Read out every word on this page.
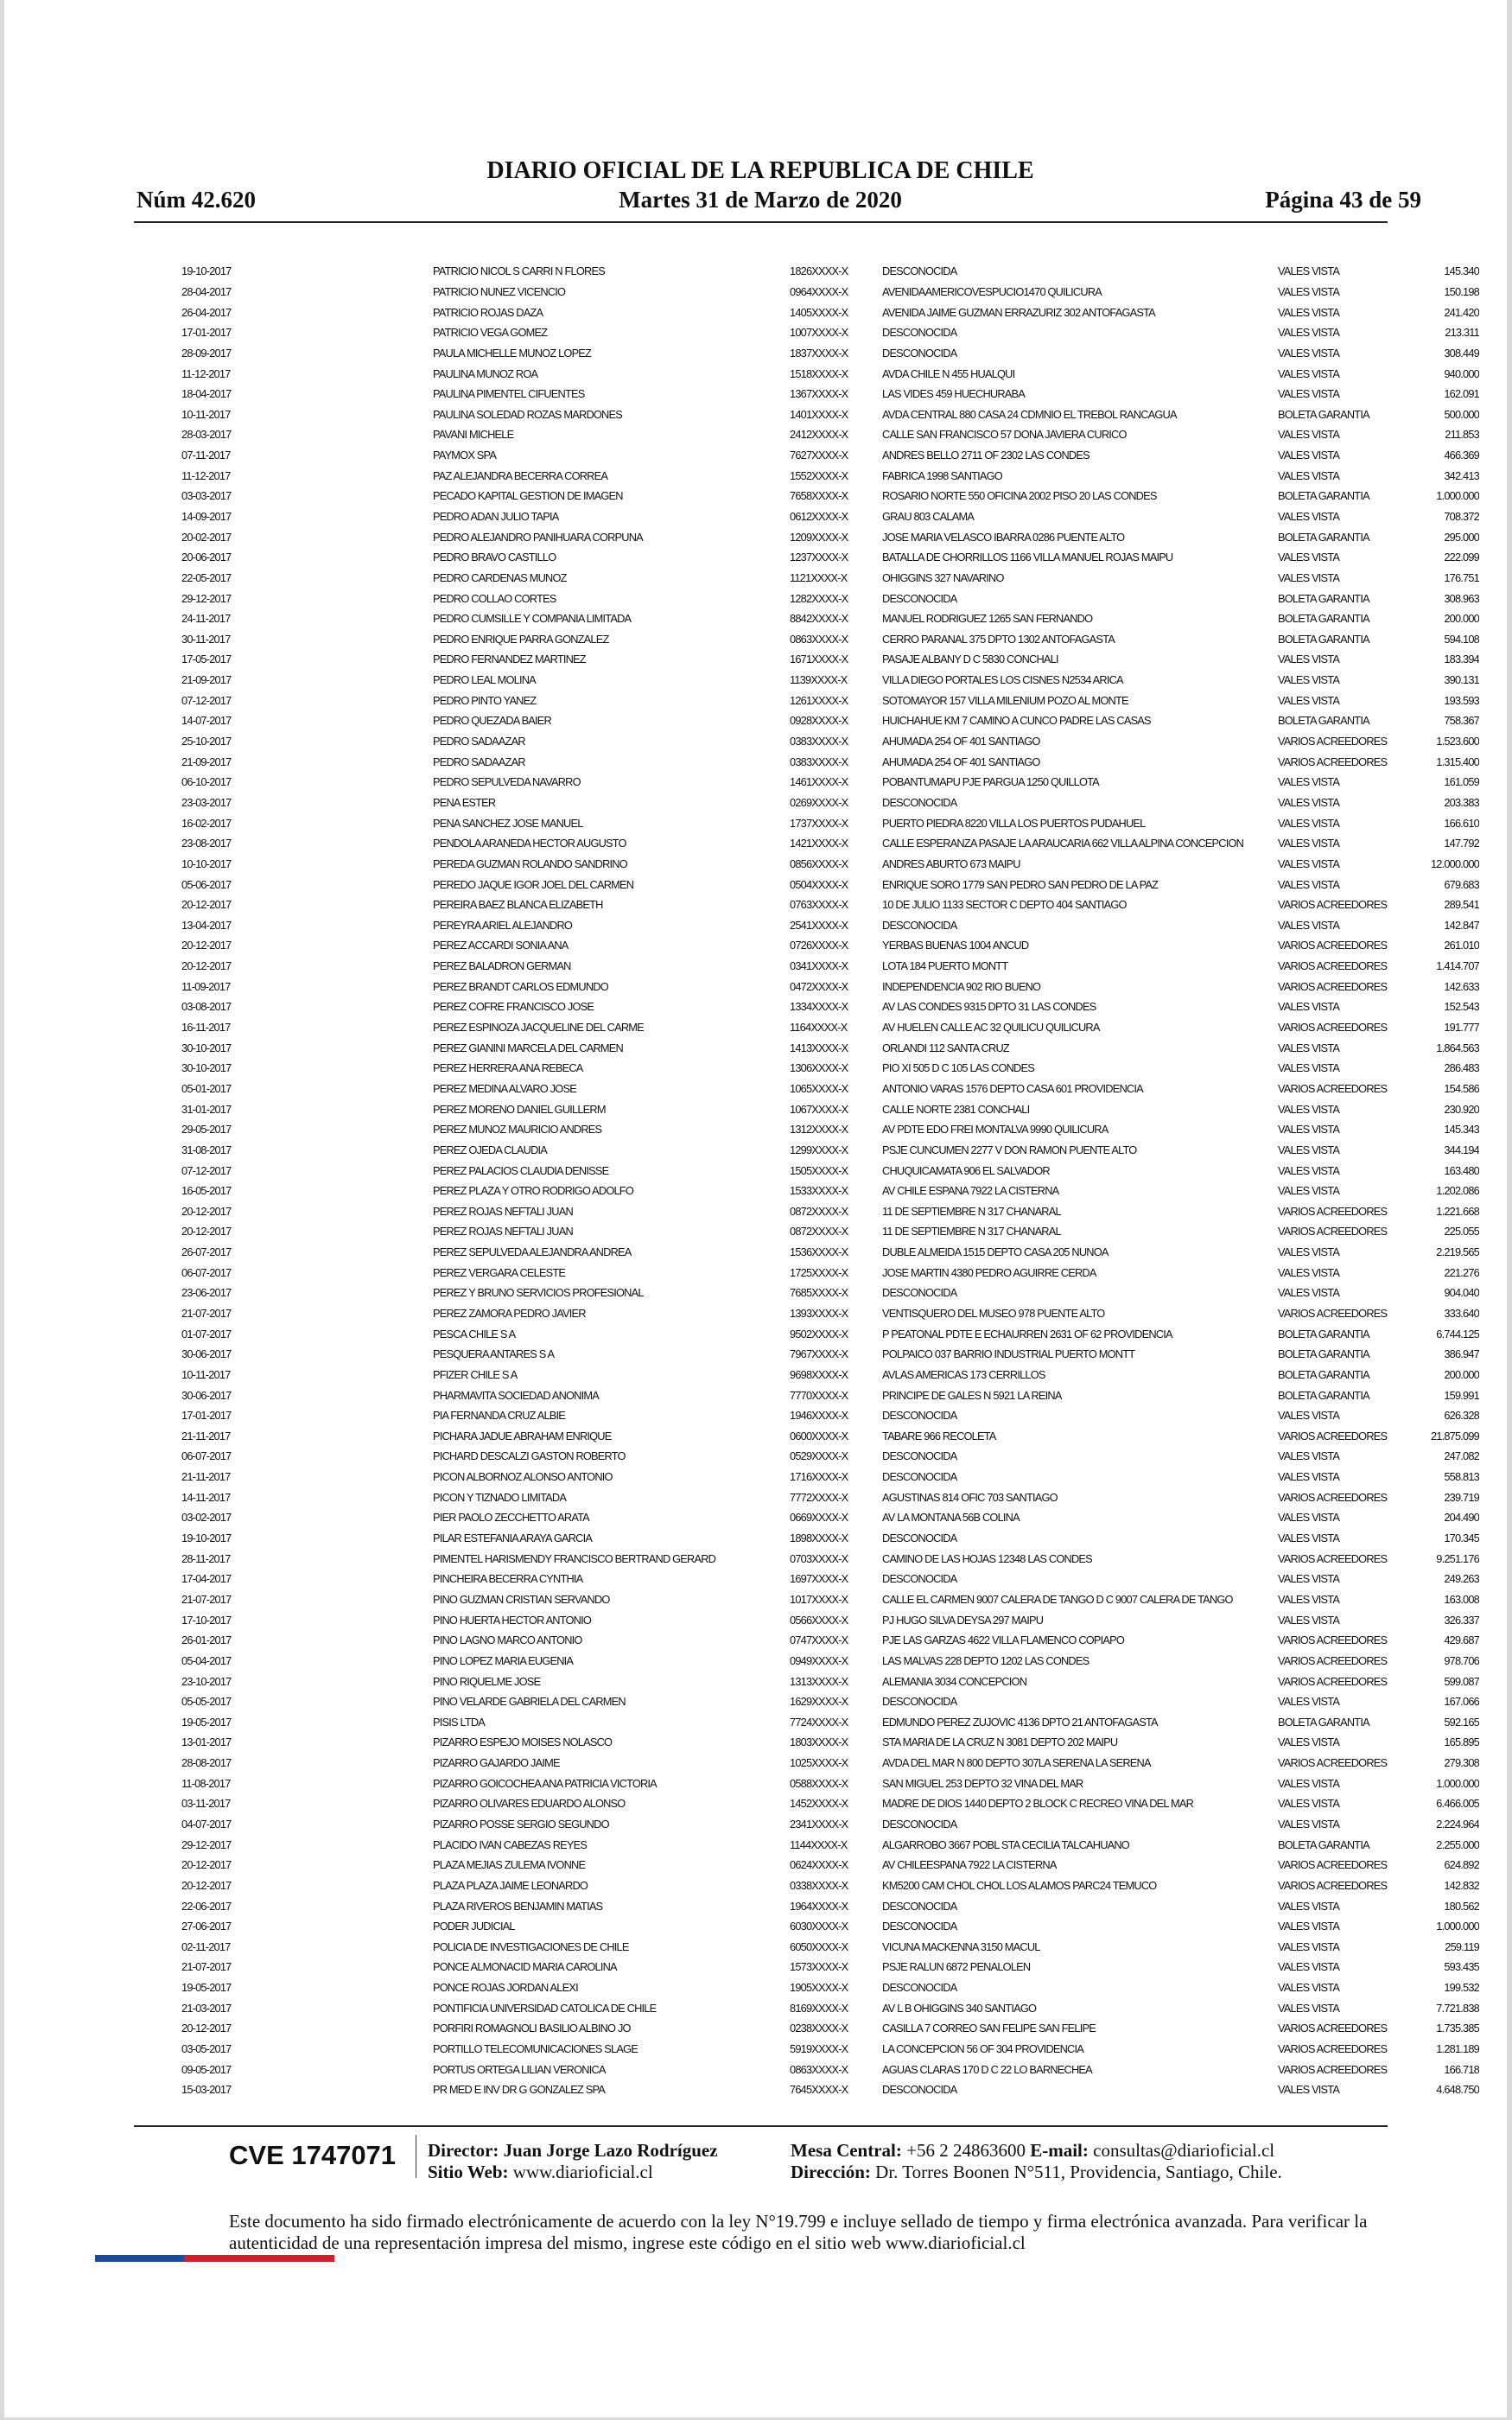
DIARIO OFICIAL DE LA REPUBLICA DE CHILE
Núm 42.620	Martes 31 de Marzo de 2020	Página 43 de 59
19-10-2017	PATRICIO NICOL S CARRI N FLORES	1826XXXX-X	DESCONOCIDA	VALES VISTA	145.340
28-04-2017	PATRICIO NUNEZ VICENCIO	0964XXXX-X	AVENIDAAMERICOVESPUCIO1470 QUILICURA	VALES VISTA	150.198
26-04-2017	PATRICIO ROJAS DAZA	1405XXXX-X	AVENIDA JAIME GUZMAN ERRAZURIZ 302 ANTOFAGASTA	VALES VISTA	241.420
17-01-2017	PATRICIO VEGA GOMEZ	1007XXXX-X	DESCONOCIDA	VALES VISTA	213.311
28-09-2017	PAULA MICHELLE MUNOZ LOPEZ	1837XXXX-X	DESCONOCIDA	VALES VISTA	308.449
11-12-2017	PAULINA MUNOZ ROA	1518XXXX-X	AVDA CHILE N 455 HUALQUI	VALES VISTA	940.000
18-04-2017	PAULINA PIMENTEL CIFUENTES	1367XXXX-X	LAS VIDES 459 HUECHURABA	VALES VISTA	162.091
10-11-2017	PAULINA SOLEDAD ROZAS MARDONES	1401XXXX-X	AVDA CENTRAL 880 CASA 24 CDMNIO EL TREBOL RANCAGUA	BOLETA GARANTIA	500.000
28-03-2017	PAVANI MICHELE	2412XXXX-X	CALLE SAN FRANCISCO 57 DONA JAVIERA CURICO	VALES VISTA	211.853
07-11-2017	PAYMOX SPA	7627XXXX-X	ANDRES BELLO 2711 OF 2302 LAS CONDES	VALES VISTA	466.369
11-12-2017	PAZ ALEJANDRA BECERRA CORREA	1552XXXX-X	FABRICA 1998 SANTIAGO	VALES VISTA	342.413
03-03-2017	PECADO KAPITAL GESTION DE IMAGEN	7658XXXX-X	ROSARIO NORTE 550 OFICINA 2002 PISO 20 LAS CONDES	BOLETA GARANTIA	1.000.000
14-09-2017	PEDRO ADAN JULIO TAPIA	0612XXXX-X	GRAU 803 CALAMA	VALES VISTA	708.372
20-02-2017	PEDRO ALEJANDRO PANIHUARA CORPUNA	1209XXXX-X	JOSE MARIA VELASCO IBARRA 0286 PUENTE ALTO	BOLETA GARANTIA	295.000
20-06-2017	PEDRO BRAVO CASTILLO	1237XXXX-X	BATALLA DE CHORRILLOS 1166 VILLA MANUEL ROJAS MAIPU	VALES VISTA	222.099
22-05-2017	PEDRO CARDENAS MUNOZ	1121XXXX-X	OHIGGINS 327 NAVARINO	VALES VISTA	176.751
29-12-2017	PEDRO COLLAO CORTES	1282XXXX-X	DESCONOCIDA	BOLETA GARANTIA	308.963
24-11-2017	PEDRO CUMSILLE Y COMPANIA LIMITADA	8842XXXX-X	MANUEL RODRIGUEZ 1265 SAN FERNANDO	BOLETA GARANTIA	200.000
30-11-2017	PEDRO ENRIQUE PARRA GONZALEZ	0863XXXX-X	CERRO PARANAL 375 DPTO 1302 ANTOFAGASTA	BOLETA GARANTIA	594.108
17-05-2017	PEDRO FERNANDEZ MARTINEZ	1671XXXX-X	PASAJE ALBANY D C 5830 CONCHALI	VALES VISTA	183.394
21-09-2017	PEDRO LEAL MOLINA	1139XXXX-X	VILLA DIEGO PORTALES LOS CISNES N2534 ARICA	VALES VISTA	390.131
07-12-2017	PEDRO PINTO YANEZ	1261XXXX-X	SOTOMAYOR 157 VILLA MILENIUM POZO AL MONTE	VALES VISTA	193.593
14-07-2017	PEDRO QUEZADA BAIER	0928XXXX-X	HUICHAHUE KM 7 CAMINO A CUNCO PADRE LAS CASAS	BOLETA GARANTIA	758.367
25-10-2017	PEDRO SADAAZAR	0383XXXX-X	AHUMADA 254 OF 401 SANTIAGO	VARIOS ACREEDORES	1.523.600
21-09-2017	PEDRO SADAAZAR	0383XXXX-X	AHUMADA 254 OF 401 SANTIAGO	VARIOS ACREEDORES	1.315.400
06-10-2017	PEDRO SEPULVEDA NAVARRO	1461XXXX-X	POBANTUMAPU PJE PARGUA 1250 QUILLOTA	VALES VISTA	161.059
23-03-2017	PENA ESTER	0269XXXX-X	DESCONOCIDA	VALES VISTA	203.383
16-02-2017	PENA SANCHEZ JOSE MANUEL	1737XXXX-X	PUERTO PIEDRA 8220 VILLA LOS PUERTOS PUDAHUEL	VALES VISTA	166.610
23-08-2017	PENDOLA ARANEDA HECTOR AUGUSTO	1421XXXX-X	CALLE ESPERANZA PASAJE LA ARAUCARIA 662 VILLA ALPINA CONCEPCION	VALES VISTA	147.792
10-10-2017	PEREDA GUZMAN ROLANDO SANDRINO	0856XXXX-X	ANDRES ABURTO 673 MAIPU	VALES VISTA	12.000.000
05-06-2017	PEREDO JAQUE IGOR JOEL DEL CARMEN	0504XXXX-X	ENRIQUE SORO 1779 SAN PEDRO SAN PEDRO DE LA PAZ	VALES VISTA	679.683
20-12-2017	PEREIRA BAEZ BLANCA ELIZABETH	0763XXXX-X	10 DE JULIO 1133 SECTOR C DEPTO 404 SANTIAGO	VARIOS ACREEDORES	289.541
13-04-2017	PEREYRA ARIEL ALEJANDRO	2541XXXX-X	DESCONOCIDA	VALES VISTA	142.847
20-12-2017	PEREZ ACCARDI SONIA ANA	0726XXXX-X	YERBAS BUENAS 1004 ANCUD	VARIOS ACREEDORES	261.010
20-12-2017	PEREZ BALADRON GERMAN	0341XXXX-X	LOTA 184 PUERTO MONTT	VARIOS ACREEDORES	1.414.707
11-09-2017	PEREZ BRANDT CARLOS EDMUNDO	0472XXXX-X	INDEPENDENCIA 902 RIO BUENO	VARIOS ACREEDORES	142.633
03-08-2017	PEREZ COFRE FRANCISCO JOSE	1334XXXX-X	AV LAS CONDES 9315 DPTO 31 LAS CONDES	VALES VISTA	152.543
16-11-2017	PEREZ ESPINOZA JACQUELINE DEL CARME	1164XXXX-X	AV HUELEN CALLE AC 32 QUILICU QUILICURA	VARIOS ACREEDORES	191.777
30-10-2017	PEREZ GIANINI MARCELA DEL CARMEN	1413XXXX-X	ORLANDI 112 SANTA CRUZ	VALES VISTA	1.864.563
30-10-2017	PEREZ HERRERA ANA REBECA	1306XXXX-X	PIO XI 505 D C 105 LAS CONDES	VALES VISTA	286.483
05-01-2017	PEREZ MEDINA ALVARO JOSE	1065XXXX-X	ANTONIO VARAS 1576 DEPTO CASA 601 PROVIDENCIA	VARIOS ACREEDORES	154.586
31-01-2017	PEREZ MORENO DANIEL GUILLERM	1067XXXX-X	CALLE NORTE 2381 CONCHALI	VALES VISTA	230.920
29-05-2017	PEREZ MUNOZ MAURICIO ANDRES	1312XXXX-X	AV PDTE EDO FREI MONTALVA 9990 QUILICURA	VALES VISTA	145.343
31-08-2017	PEREZ OJEDA CLAUDIA	1299XXXX-X	PSJE CUNCUMEN 2277 V DON RAMON PUENTE ALTO	VALES VISTA	344.194
07-12-2017	PEREZ PALACIOS CLAUDIA DENISSE	1505XXXX-X	CHUQUICAMATA 906 EL SALVADOR	VALES VISTA	163.480
16-05-2017	PEREZ PLAZA Y OTRO RODRIGO ADOLFO	1533XXXX-X	AV CHILE ESPANA 7922 LA CISTERNA	VALES VISTA	1.202.086
20-12-2017	PEREZ ROJAS NEFTALI JUAN	0872XXXX-X	11 DE SEPTIEMBRE N 317 CHANARAL	VARIOS ACREEDORES	1.221.668
20-12-2017	PEREZ ROJAS NEFTALI JUAN	0872XXXX-X	11 DE SEPTIEMBRE N 317 CHANARAL	VARIOS ACREEDORES	225.055
26-07-2017	PEREZ SEPULVEDA ALEJANDRA ANDREA	1536XXXX-X	DUBLE ALMEIDA 1515 DEPTO CASA 205 NUNOA	VALES VISTA	2.219.565
06-07-2017	PEREZ VERGARA CELESTE	1725XXXX-X	JOSE MARTIN 4380 PEDRO AGUIRRE CERDA	VALES VISTA	221.276
23-06-2017	PEREZ Y BRUNO SERVICIOS PROFESIONAL	7685XXXX-X	DESCONOCIDA	VALES VISTA	904.040
21-07-2017	PEREZ ZAMORA PEDRO JAVIER	1393XXXX-X	VENTISQUERO DEL MUSEO 978 PUENTE ALTO	VARIOS ACREEDORES	333.640
01-07-2017	PESCA CHILE S A	9502XXXX-X	P PEATONAL PDTE E ECHAURREN 2631 OF 62 PROVIDENCIA	BOLETA GARANTIA	6.744.125
30-06-2017	PESQUERA ANTARES S A	7967XXXX-X	POLPAICO 037 BARRIO INDUSTRIAL PUERTO MONTT	BOLETA GARANTIA	386.947
10-11-2017	PFIZER CHILE S A	9698XXXX-X	AVLAS AMERICAS 173 CERRILLOS	BOLETA GARANTIA	200.000
30-06-2017	PHARMAVITA SOCIEDAD ANONIMA	7770XXXX-X	PRINCIPE DE GALES N 5921 LA REINA	BOLETA GARANTIA	159.991
17-01-2017	PIA FERNANDA CRUZ ALBIE	1946XXXX-X	DESCONOCIDA	VALES VISTA	626.328
21-11-2017	PICHARA JADUE ABRAHAM ENRIQUE	0600XXXX-X	TABARE 966 RECOLETA	VARIOS ACREEDORES	21.875.099
06-07-2017	PICHARD DESCALZI GASTON ROBERTO	0529XXXX-X	DESCONOCIDA	VALES VISTA	247.082
21-11-2017	PICON ALBORNOZ ALONSO ANTONIO	1716XXXX-X	DESCONOCIDA	VALES VISTA	558.813
14-11-2017	PICON Y TIZNADO LIMITADA	7772XXXX-X	AGUSTINAS 814 OFIC 703 SANTIAGO	VARIOS ACREEDORES	239.719
03-02-2017	PIER PAOLO ZECCHETTO ARATA	0669XXXX-X	AV LA MONTANA 56B COLINA	VALES VISTA	204.490
19-10-2017	PILAR ESTEFANIA ARAYA GARCIA	1898XXXX-X	DESCONOCIDA	VALES VISTA	170.345
28-11-2017	PIMENTEL HARISMENDY FRANCISCO BERTRAND GERARD	0703XXXX-X	CAMINO DE LAS HOJAS 12348 LAS CONDES	VARIOS ACREEDORES	9.251.176
17-04-2017	PINCHEIRA BECERRA CYNTHIA	1697XXXX-X	DESCONOCIDA	VALES VISTA	249.263
21-07-2017	PINO GUZMAN CRISTIAN SERVANDO	1017XXXX-X	CALLE EL CARMEN 9007 CALERA DE TANGO D C 9007 CALERA DE TANGO	VALES VISTA	163.008
17-10-2017	PINO HUERTA HECTOR ANTONIO	0566XXXX-X	PJ HUGO SILVA DEYSA 297 MAIPU	VALES VISTA	326.337
26-01-2017	PINO LAGNO MARCO ANTONIO	0747XXXX-X	PJE LAS GARZAS 4622 VILLA FLAMENCO COPIAPO	VARIOS ACREEDORES	429.687
05-04-2017	PINO LOPEZ MARIA EUGENIA	0949XXXX-X	LAS MALVAS 228 DEPTO 1202 LAS CONDES	VARIOS ACREEDORES	978.706
23-10-2017	PINO RIQUELME JOSE	1313XXXX-X	ALEMANIA 3034 CONCEPCION	VARIOS ACREEDORES	599.087
05-05-2017	PINO VELARDE GABRIELA DEL CARMEN	1629XXXX-X	DESCONOCIDA	VALES VISTA	167.066
19-05-2017	PISIS LTDA	7724XXXX-X	EDMUNDO PEREZ ZUJOVIC 4136 DPTO 21 ANTOFAGASTA	BOLETA GARANTIA	592.165
13-01-2017	PIZARRO ESPEJO MOISES NOLASCO	1803XXXX-X	STA MARIA DE LA CRUZ N 3081 DEPTO 202 MAIPU	VALES VISTA	165.895
28-08-2017	PIZARRO GAJARDO JAIME	1025XXXX-X	AVDA DEL MAR N 800 DEPTO 307LA SERENA LA SERENA	VARIOS ACREEDORES	279.308
11-08-2017	PIZARRO GOICOCHEA ANA PATRICIA VICTORIA	0588XXXX-X	SAN MIGUEL 253 DEPTO 32 VINA DEL MAR	VALES VISTA	1.000.000
03-11-2017	PIZARRO OLIVARES EDUARDO ALONSO	1452XXXX-X	MADRE DE DIOS 1440 DEPTO 2 BLOCK C RECREO VINA DEL MAR	VALES VISTA	6.466.005
04-07-2017	PIZARRO POSSE SERGIO SEGUNDO	2341XXXX-X	DESCONOCIDA	VALES VISTA	2.224.964
29-12-2017	PLACIDO IVAN CABEZAS REYES	1144XXXX-X	ALGARROBO 3667 POBL STA CECILIA TALCAHUANO	BOLETA GARANTIA	2.255.000
20-12-2017	PLAZA MEJIAS ZULEMA IVONNE	0624XXXX-X	AV CHILEESPANA 7922 LA CISTERNA	VARIOS ACREEDORES	624.892
20-12-2017	PLAZA PLAZA JAIME LEONARDO	0338XXXX-X	KM5200 CAM CHOL CHOL LOS ALAMOS PARC24 TEMUCO	VARIOS ACREEDORES	142.832
22-06-2017	PLAZA RIVEROS BENJAMIN MATIAS	1964XXXX-X	DESCONOCIDA	VALES VISTA	180.562
27-06-2017	PODER JUDICIAL	6030XXXX-X	DESCONOCIDA	VALES VISTA	1.000.000
02-11-2017	POLICIA DE INVESTIGACIONES DE CHILE	6050XXXX-X	VICUNA MACKENNA 3150 MACUL	VALES VISTA	259.119
21-07-2017	PONCE ALMONACID MARIA CAROLINA	1573XXXX-X	PSJE RALUN 6872 PENALOLEN	VALES VISTA	593.435
19-05-2017	PONCE ROJAS JORDAN ALEXI	1905XXXX-X	DESCONOCIDA	VALES VISTA	199.532
21-03-2017	PONTIFICIA UNIVERSIDAD CATOLICA DE CHILE	8169XXXX-X	AV L B OHIGGINS 340 SANTIAGO	VALES VISTA	7.721.838
20-12-2017	PORFIRI ROMAGNOLI BASILIO ALBINO JO	0238XXXX-X	CASILLA 7 CORREO SAN FELIPE SAN FELIPE	VARIOS ACREEDORES	1.735.385
03-05-2017	PORTILLO TELECOMUNICACIONES SLAGE	5919XXXX-X	LA CONCEPCION 56 OF 304 PROVIDENCIA	VARIOS ACREEDORES	1.281.189
09-05-2017	PORTUS ORTEGA LILIAN VERONICA	0863XXXX-X	AGUAS CLARAS 170 D C 22 LO BARNECHEA	VARIOS ACREEDORES	166.718
15-03-2017	PR MED E INV DR G GONZALEZ SPA	7645XXXX-X	DESCONOCIDA	VALES VISTA	4.648.750
CVE 1747071 Director: Juan Jorge Lazo Rodríguez
Sitio Web: www.diarioficial.cl
Mesa Central: +56 2 24863600 E-mail: consultas@diarioficial.cl
Dirección: Dr. Torres Boonen N°511, Providencia, Santiago, Chile.
Este documento ha sido firmado electrónicamente de acuerdo con la ley N°19.799 e incluye sellado de tiempo y firma electrónica avanzada. Para verificar la autenticidad de una representación impresa del mismo, ingrese este código en el sitio web www.diarioficial.cl
